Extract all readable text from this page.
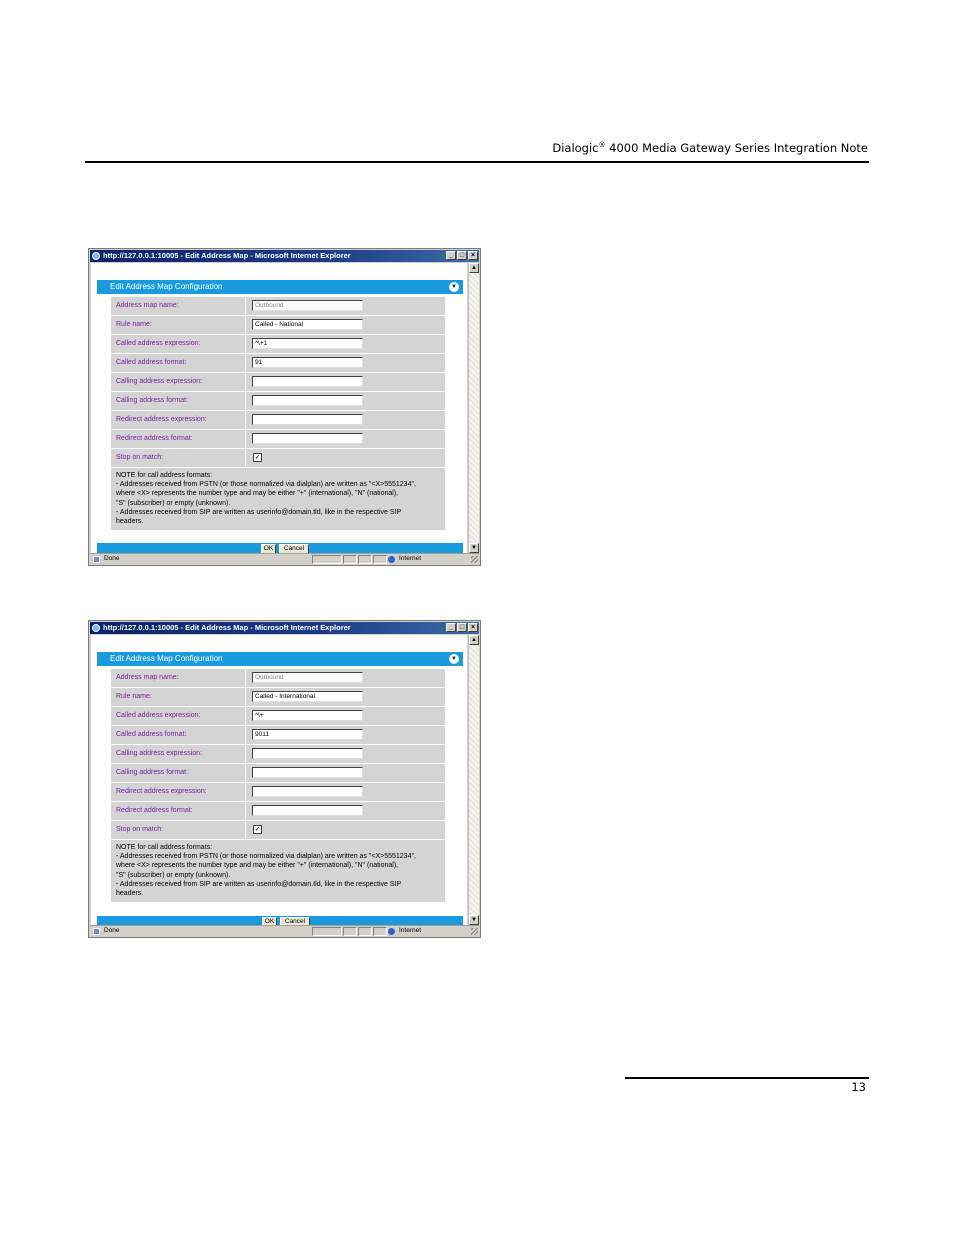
Dialogic® 4000 Media Gateway Series Integration Note
http://127.0.0.1:10005 - Edit Address Map - Microsoft Internet Explorer	_ □ ×
Edit Address Map Configuration	▼
Address map name:
Outbound
Rule name:
Called - National
Called address expression:
^\+1
Called address format:
91
Calling address expression:
Calling address format:
Redirect address expression:
Redirect address format:
Stop on match:	✓
NOTE for call address formats:
- Addresses received from PSTN (or those normalized via dialplan) are written as "<X>5551234",
where <X> represents the number type and may be either "+" (international), "N" (national),
"S" (subscriber) or empty (unknown).
- Addresses received from SIP are written as userinfo@domain.tld, like in the respective SIP
headers.
OK	Cancel
▲
▼
Done	Internet
http://127.0.0.1:10005 - Edit Address Map - Microsoft Internet Explorer	_ □ ×
Edit Address Map Configuration	▼
Address map name:
Outbound
Rule name:
Called - International
Called address expression:
^\+
Called address format:
9011
Calling address expression:
Calling address format:
Redirect address expression:
Redirect address format:
Stop on match:	✓
NOTE for call address formats:
- Addresses received from PSTN (or those normalized via dialplan) are written as "<X>5551234",
where <X> represents the number type and may be either "+" (international), "N" (national),
"S" (subscriber) or empty (unknown).
- Addresses received from SIP are written as userinfo@domain.tld, like in the respective SIP
headers.
OK	Cancel
▲
▼
Done	Internet
13
